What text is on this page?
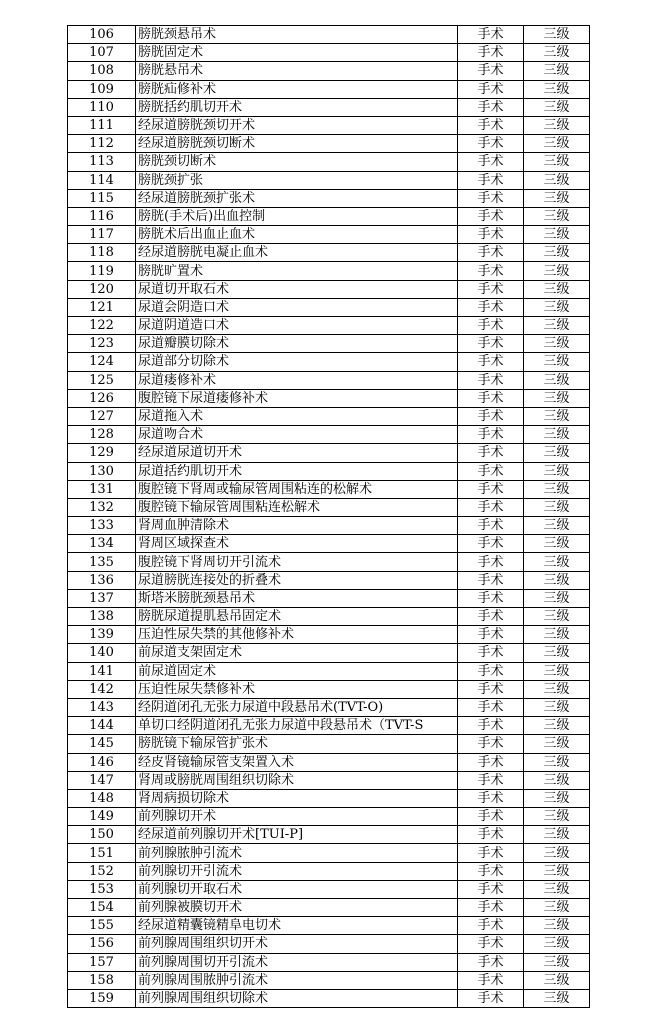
106	膀胱颈悬吊术	手术	三级
107	膀胱固定术	手术	三级
108	膀胱悬吊术	手术	三级
109	膀胱疝修补术	手术	三级
110	膀胱括约肌切开术	手术	三级
111	经尿道膀胱颈切开术	手术	三级
112	经尿道膀胱颈切断术	手术	三级
113	膀胱颈切断术	手术	三级
114	膀胱颈扩张	手术	三级
115	经尿道膀胱颈扩张术	手术	三级
116	膀胱(手术后)出血控制	手术	三级
117	膀胱术后出血止血术	手术	三级
118	经尿道膀胱电凝止血术	手术	三级
119	膀胱旷置术	手术	三级
120	尿道切开取石术	手术	三级
121	尿道会阴造口术	手术	三级
122	尿道阴道造口术	手术	三级
123	尿道瓣膜切除术	手术	三级
124	尿道部分切除术	手术	三级
125	尿道瘘修补术	手术	三级
126	腹腔镜下尿道瘘修补术	手术	三级
127	尿道拖入术	手术	三级
128	尿道吻合术	手术	三级
129	经尿道尿道切开术	手术	三级
130	尿道括约肌切开术	手术	三级
131	腹腔镜下肾周或输尿管周围粘连的松解术	手术	三级
132	腹腔镜下输尿管周围粘连松解术	手术	三级
133	肾周血肿清除术	手术	三级
134	肾周区域探查术	手术	三级
135	腹腔镜下肾周切开引流术	手术	三级
136	尿道膀胱连接处的折叠术	手术	三级
137	斯塔米膀胱颈悬吊术	手术	三级
138	膀胱尿道提肌悬吊固定术	手术	三级
139	压迫性尿失禁的其他修补术	手术	三级
140	前尿道支架固定术	手术	三级
141	前尿道固定术	手术	三级
142	压迫性尿失禁修补术	手术	三级
143	经阴道闭孔无张力尿道中段悬吊术(TVT-O)	手术	三级
144	单切口经阴道闭孔无张力尿道中段悬吊术（TVT-S	手术	三级
145	膀胱镜下输尿管扩张术	手术	三级
146	经皮肾镜输尿管支架置入术	手术	三级
147	肾周或膀胱周围组织切除术	手术	三级
148	肾周病损切除术	手术	三级
149	前列腺切开术	手术	三级
150	经尿道前列腺切开术[TUI-P]	手术	三级
151	前列腺脓肿引流术	手术	三级
152	前列腺切开引流术	手术	三级
153	前列腺切开取石术	手术	三级
154	前列腺被膜切开术	手术	三级
155	经尿道精囊镜精阜电切术	手术	三级
156	前列腺周围组织切开术	手术	三级
157	前列腺周围切开引流术	手术	三级
158	前列腺周围脓肿引流术	手术	三级
159	前列腺周围组织切除术	手术	三级
